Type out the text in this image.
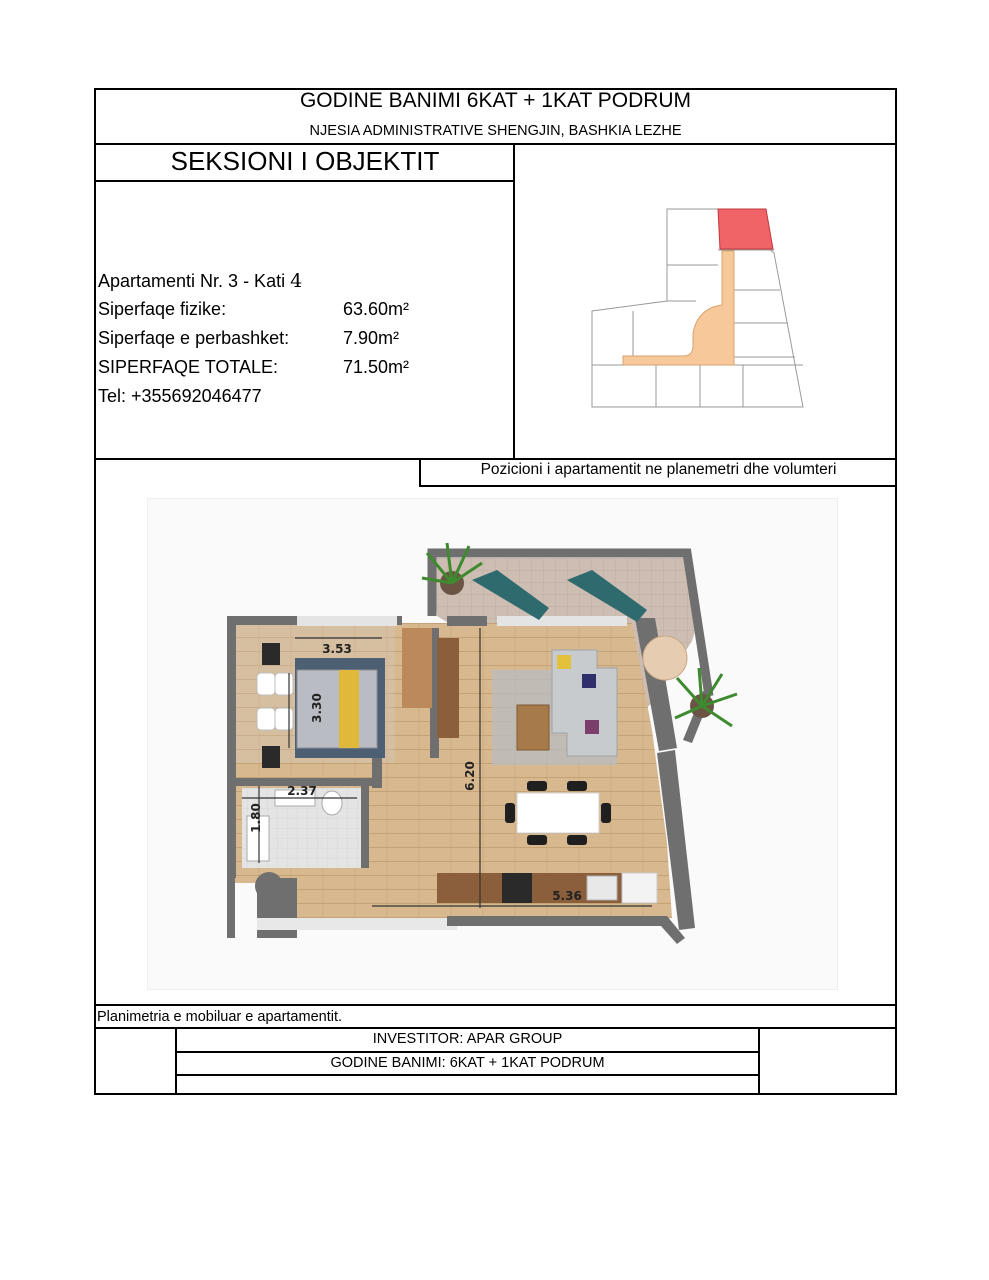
GODINE BANIMI 6KAT + 1KAT PODRUM
NJESIA ADMINISTRATIVE SHENGJIN, BASHKIA LEZHE
SEKSIONI I OBJEKTIT
Apartamenti Nr. 3 - Kati 4
Siperfaqe fizike:	63.60m²
Siperfaqe e perbashket:	7.90m²
SIPERFAQE TOTALE:	71.50m²
Tel: +355692046477
Pozicioni i apartamentit ne planemetri dhe volumteri
3.53
3.30
2.37
1.80
6.20
5.36
Planimetria e mobiluar e apartamentit.
INVESTITOR: APAR GROUP
GODINE BANIMI: 6KAT + 1KAT PODRUM
